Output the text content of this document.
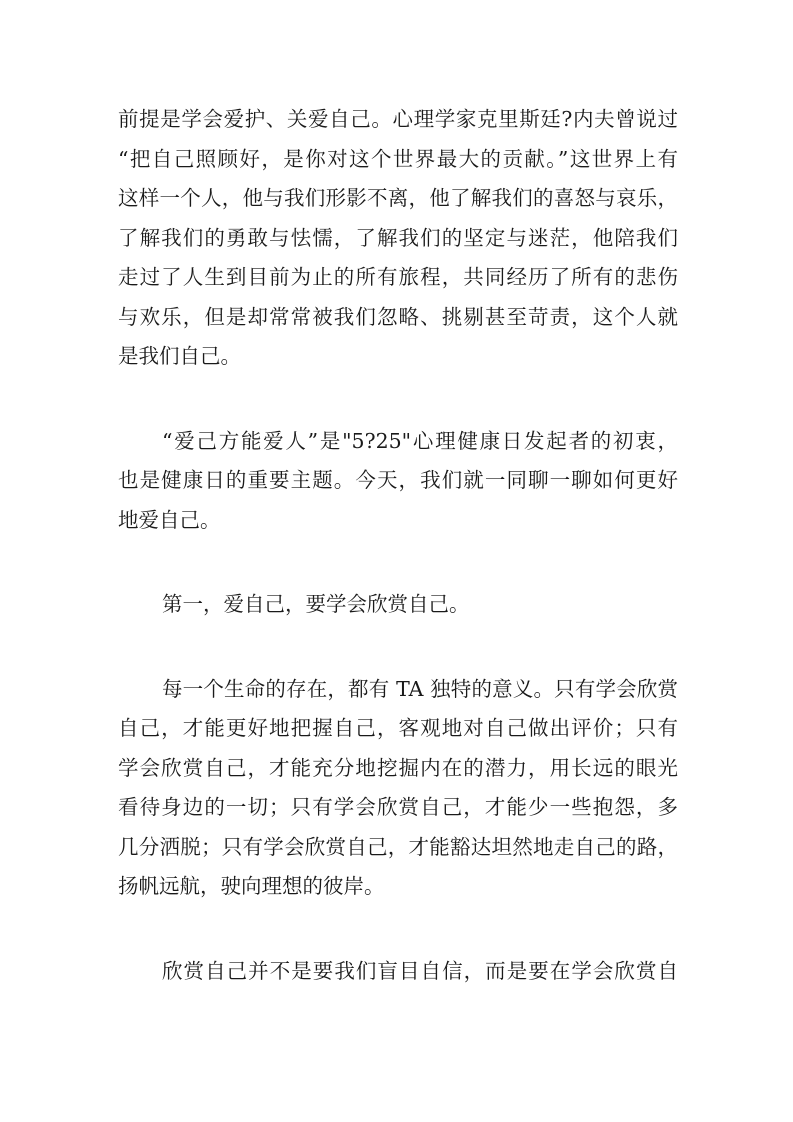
前提是学会爱护、关爱自己。心理学家克里斯廷?内夫曾说过
“把自己照顾好，是你对这个世界最大的贡献。”这世界上有
这样一个人，他与我们形影不离，他了解我们的喜怒与哀乐，
了解我们的勇敢与怯懦，了解我们的坚定与迷茫，他陪我们
走过了人生到目前为止的所有旅程，共同经历了所有的悲伤
与欢乐，但是却常常被我们忽略、挑剔甚至苛责，这个人就
是我们自己。
“爱己方能爱人”是"5?25"心理健康日发起者的初衷，
也是健康日的重要主题。今天，我们就一同聊一聊如何更好
地爱自己。
第一，爱自己，要学会欣赏自己。
每一个生命的存在，都有 TA 独特的意义。只有学会欣赏
自己，才能更好地把握自己，客观地对自己做出评价；只有
学会欣赏自己，才能充分地挖掘内在的潜力，用长远的眼光
看待身边的一切；只有学会欣赏自己，才能少一些抱怨，多
几分洒脱；只有学会欣赏自己，才能豁达坦然地走自己的路，
扬帆远航，驶向理想的彼岸。
欣赏自己并不是要我们盲目自信，而是要在学会欣赏自
